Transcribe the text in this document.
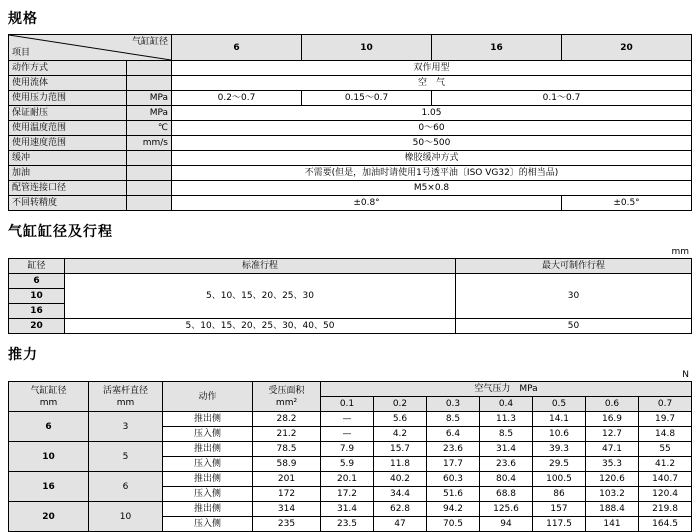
规格
气缸缸径
项目		6	10	16	20
动作方式		双作用型			
使用流体		空　气			
使用压力范围	MPa	0.2～0.7	0.15～0.7	0.1～0.7	
保证耐压	MPa	1.05			
使用温度范围	℃	0～60			
使用速度范围	mm/s	50～500			
缓冲		橡胶缓冲方式			
加油		不需要(但是，加油时请使用1号透平油〔ISO VG32〕的相当品)			
配管连接口径		M5×0.8			
不回转精度		±0.8°			±0.5°
气缸缸径及行程
mm
缸径	标准行程	最大可制作行程
6	5、10、15、20、25、30	30
10		
16		
20	5、10、15、20、25、30、40、50	50
推力
N
气缸缸径
mm

活塞杆直径
mm
	动作	
受压面积
mm²
	空气压力　MPa
				0.1	0.2	0.3	0.4	0.5	0.6	0.7
6	3	推出侧	28.2	—	5.6	8.5	11.3	14.1	16.9	19.7
		压入侧	21.2	—	4.2	6.4	8.5	10.6	12.7	14.8
10	5	推出侧	78.5	7.9	15.7	23.6	31.4	39.3	47.1	55
		压入侧	58.9	5.9	11.8	17.7	23.6	29.5	35.3	41.2
16	6	推出侧	201	20.1	40.2	60.3	80.4	100.5	120.6	140.7
		压入侧	172	17.2	34.4	51.6	68.8	86	103.2	120.4
20	10	推出侧	314	31.4	62.8	94.2	125.6	157	188.4	219.8
		压入侧	235	23.5	47	70.5	94	117.5	141	164.5
